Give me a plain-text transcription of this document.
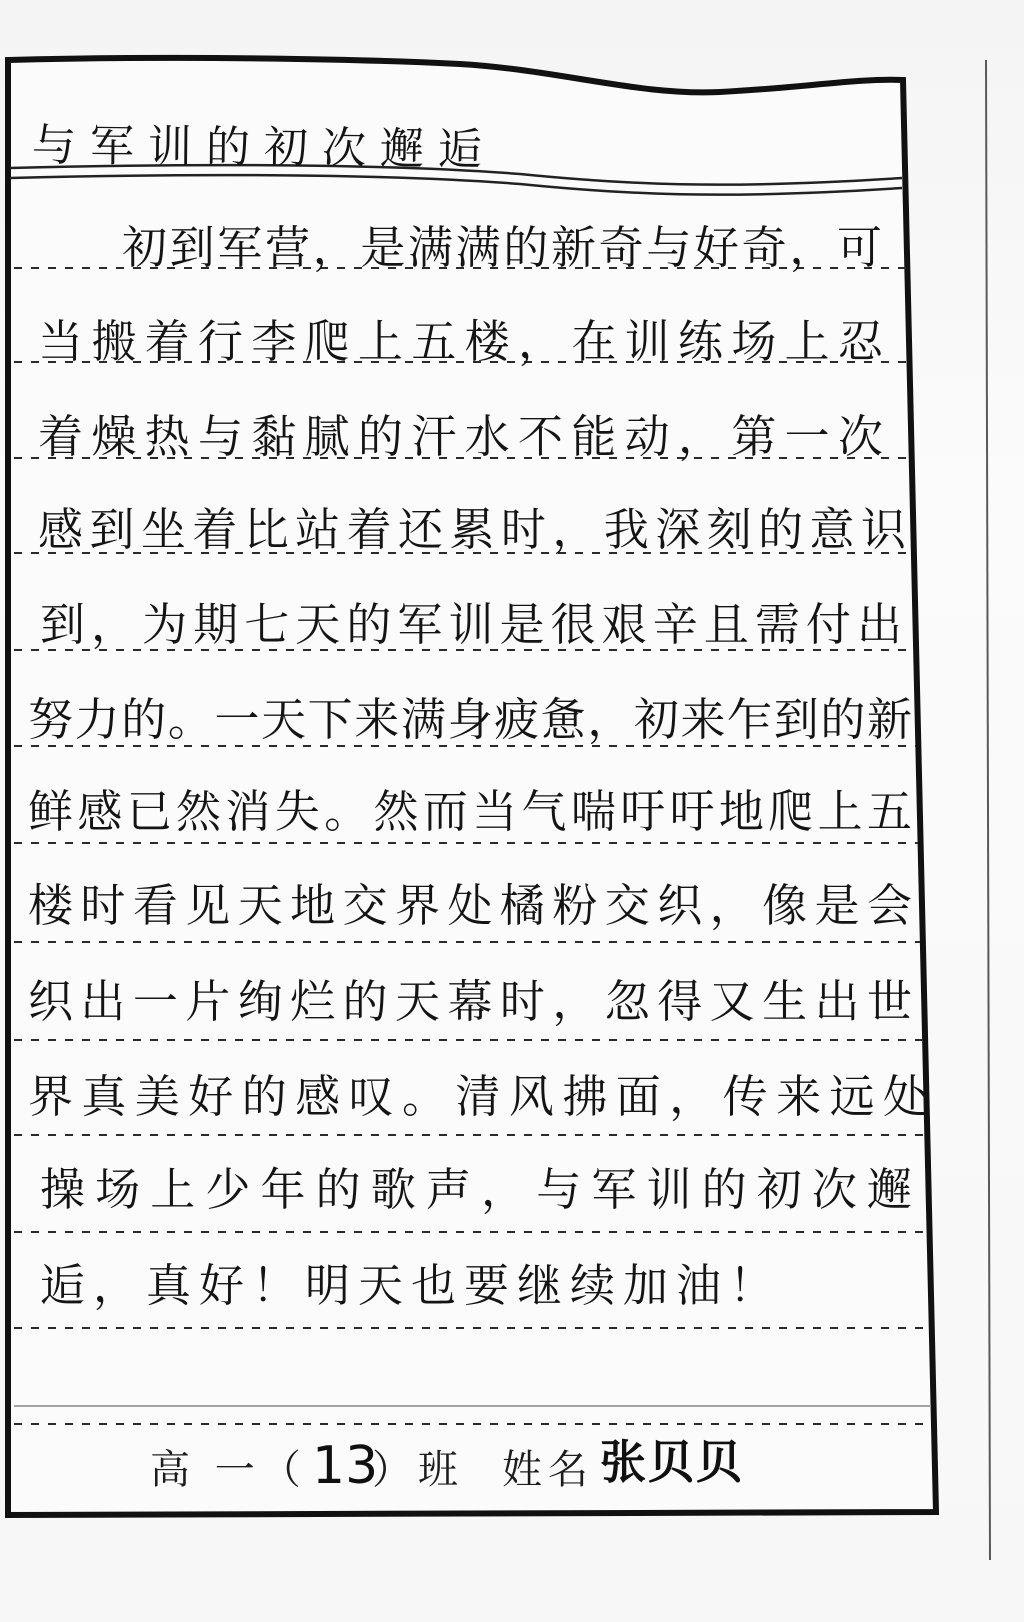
与军训的初次邂逅
初到军营，是满满的新奇与好奇，可
当搬着行李爬上五楼，在训练场上忍
着燥热与黏腻的汗水不能动，第一次
感到坐着比站着还累时，我深刻的意识
到，为期七天的军训是很艰辛且需付出
努力的。一天下来满身疲惫，初来乍到的新
鲜感已然消失。然而当气喘吁吁地爬上五
楼时看见天地交界处橘粉交织，像是会
织出一片绚烂的天幕时，忽得又生出世
界真美好的感叹。清风拂面，传来远处
操场上少年的歌声，与军训的初次邂
逅，真好！明天也要继续加油！
高 一（ 13
）班 姓名 张贝贝
